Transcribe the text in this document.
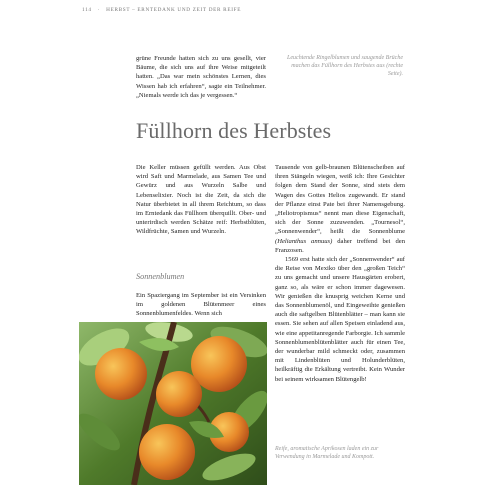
114 · HERBST – ERNTEDANK UND ZEIT DER REIFE
grüne Freunde hatten sich zu uns gesellt, vier Bäume, die sich uns auf ihre Weise mitgeteilt hatten. „Das war mein schönstes Lernen, dies Wissen hab ich erfahren“, sagte ein Teilnehmer. „Niemals werde ich das je vergessen.“
Leuchtende Ringelblumen und saugende Brüche machen das Füllhorn des Herbstes aus (rechte Seite).
Füllhorn des Herbstes

Die Keller müssen gefüllt werden. Aus Obst wird Saft und Marmelade, aus Samen Tee und Gewürz und aus Wurzeln Salbe und Lebenselixier. Noch ist die Zeit, da sich die Natur überbietet in all ihrem Reichtum, so dass im Erntedank das Füllhorn überquillt. Ober- und unterirdisch werden Schätze reif: Herbstblüten, Wildfrüchte, Samen und Wurzeln.

Sonnenblumen
Ein Spaziergang im September ist ein Versinken im goldenen Blütenmeer eines Sonnenblumenfeldes. Wenn sich

Tausende von gelb-braunen Blütenscheiben auf ihren Stängeln wiegen, weiß ich: Ihre Gesichter folgen dem Stand der Sonne, sind stets dem Wagen des Gottes Helios zugewandt. Er stand der Pflanze einst Pate bei ihrer Namensgebung. „Heliotropismus“ nennt man diese Eigenschaft, sich der Sonne zuzuwenden. „Tournesol“, „Sonnenwender“, heißt die Sonnenblume (Helianthus annuus) daher treffend bei den Franzosen.

1569 erst hatte sich der „Sonnenwender“ auf die Reise von Mexiko über den „großen Teich“ zu uns gemacht und unsere Hausgärten erobert, ganz so, als wäre er schon immer dagewesen. Wir genießen die knusprig weichen Kerne und das Sonnenblumenöl, und Eingeweihte genießen auch die saftgelben Blütenblätter – man kann sie essen. Sie sehen auf allen Speisen einladend aus, wie eine appetitanregende Farborgie. Ich sammle Sonnenblumenblütenblätter auch für einen Tee, der wunderbar mild schmeckt oder, zusammen mit Lindenblüten und Holunderblüten, heilkräftig die Erkältung vertreibt. Kein Wunder bei seinem wirksamen Blütengelb!

Reife, aromatische Aprikosen laden ein zur Verwendung in Marmelade und Kompott.
